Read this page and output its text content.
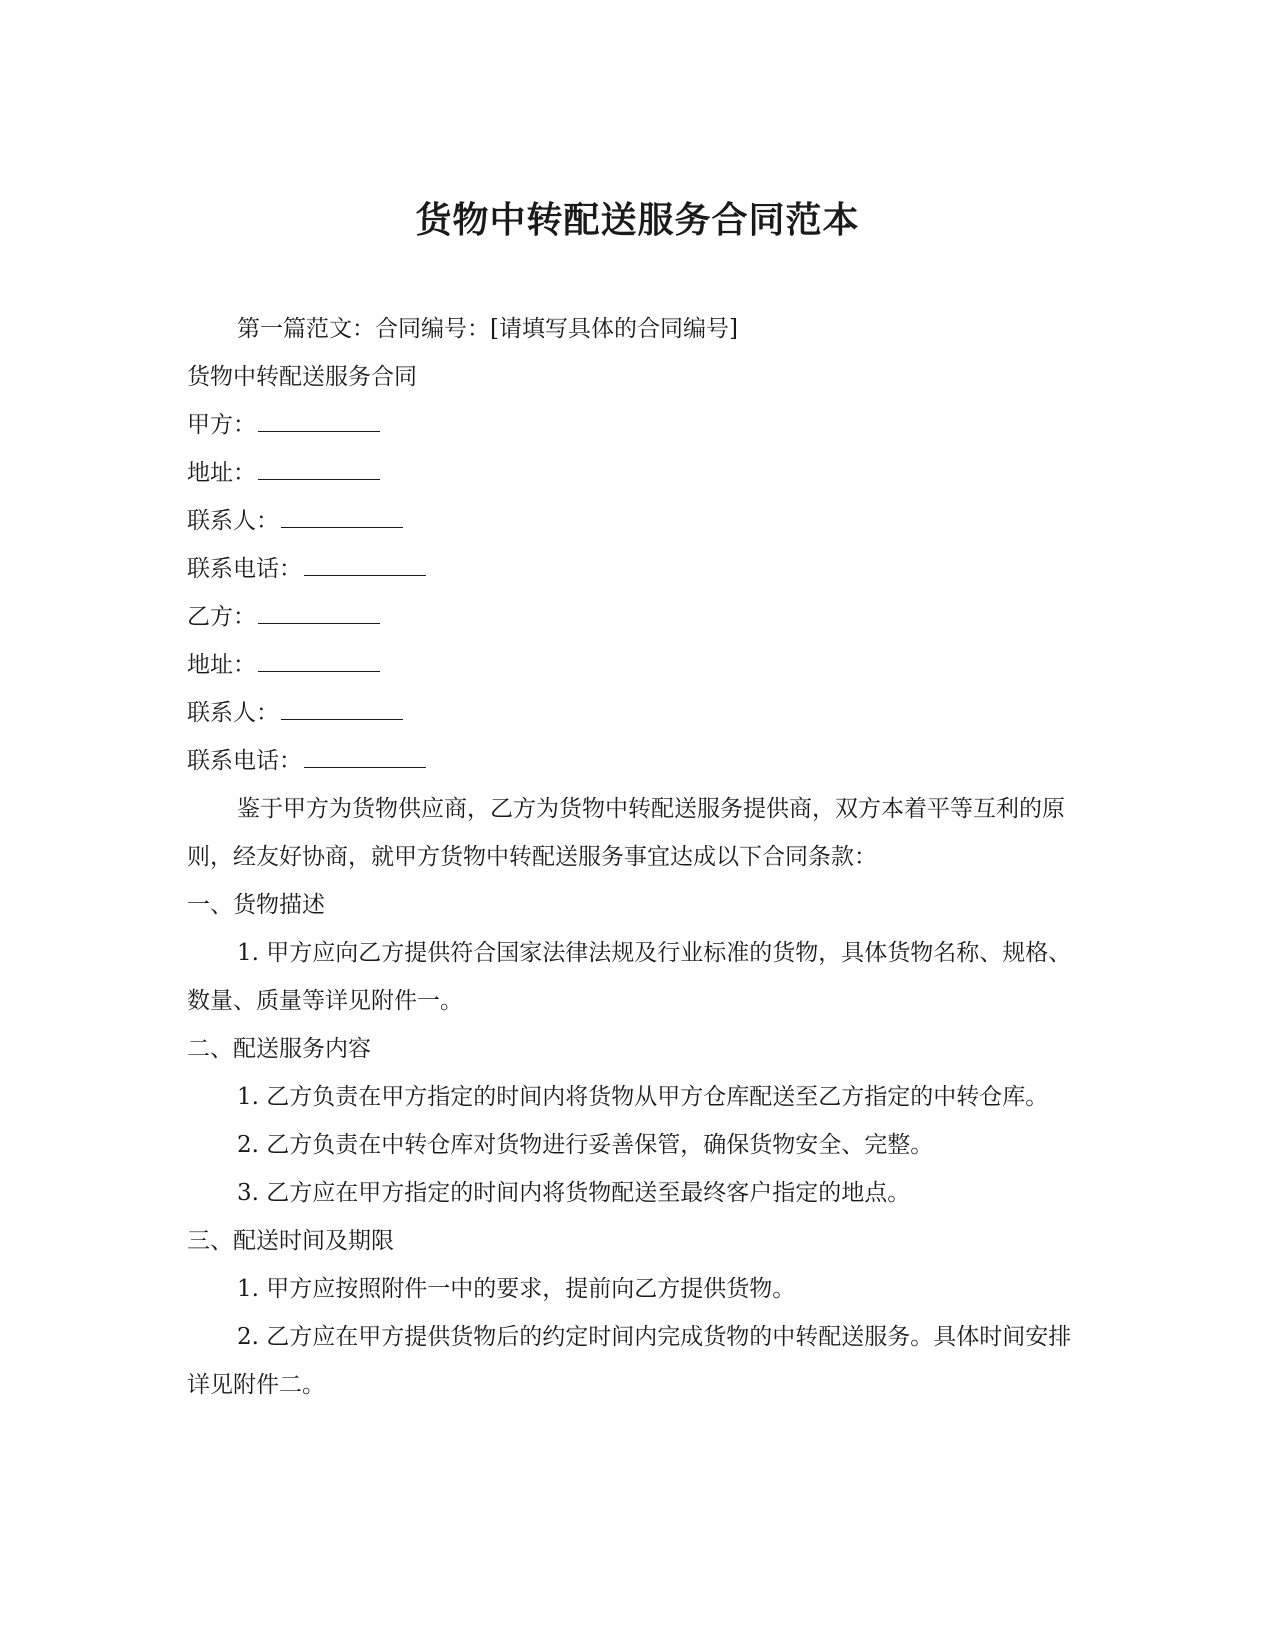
货物中转配送服务合同范本

第一篇范文：合同编号：[请填写具体的合同编号]

货物中转配送服务合同

甲方：

地址：

联系人：

联系电话：

乙方：

地址：

联系人：

联系电话：

鉴于甲方为货物供应商，乙方为货物中转配送服务提供商，双方本着平等互利的原则，经友好协商，就甲方货物中转配送服务事宜达成以下合同条款：

一、货物描述

1. 甲方应向乙方提供符合国家法律法规及行业标准的货物，具体货物名称、规格、数量、质量等详见附件一。

二、配送服务内容

1. 乙方负责在甲方指定的时间内将货物从甲方仓库配送至乙方指定的中转仓库。

2. 乙方负责在中转仓库对货物进行妥善保管，确保货物安全、完整。

3. 乙方应在甲方指定的时间内将货物配送至最终客户指定的地点。

三、配送时间及期限

1. 甲方应按照附件一中的要求，提前向乙方提供货物。

2. 乙方应在甲方提供货物后的约定时间内完成货物的中转配送服务。具体时间安排详见附件二。
